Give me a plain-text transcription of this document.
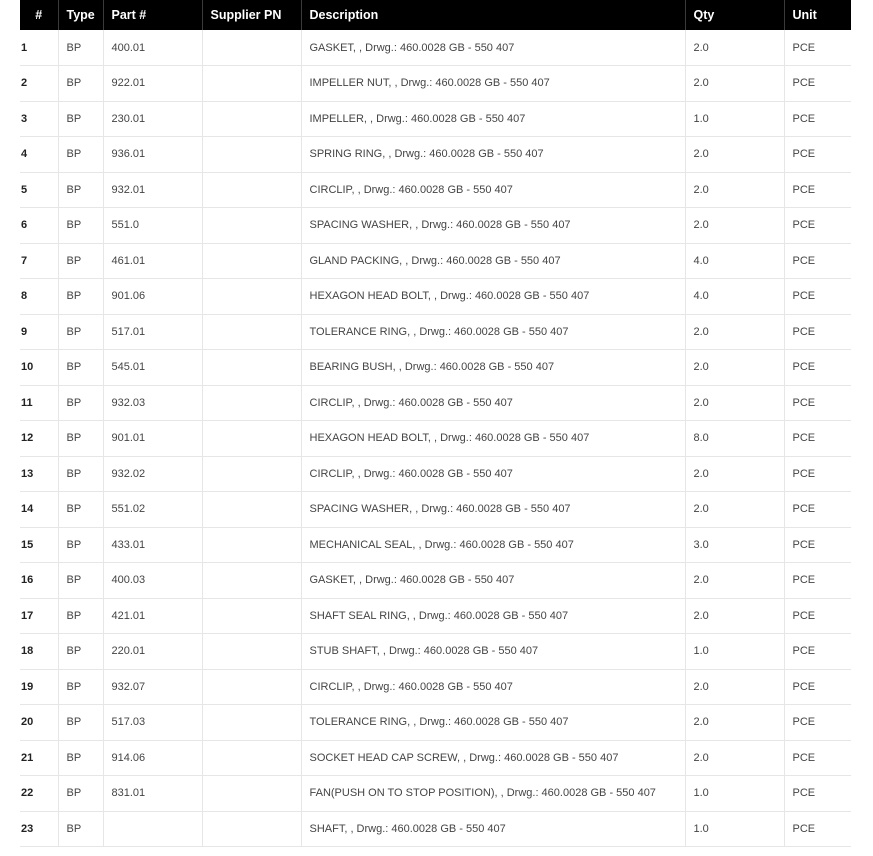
#	Type	Part #	Supplier PN	Description	Qty	Unit
1	BP	400.01		GASKET, , Drwg.: 460.0028 GB - 550 407	2.0	PCE
2	BP	922.01		IMPELLER NUT, , Drwg.: 460.0028 GB - 550 407	2.0	PCE
3	BP	230.01		IMPELLER, , Drwg.: 460.0028 GB - 550 407	1.0	PCE
4	BP	936.01		SPRING RING, , Drwg.: 460.0028 GB - 550 407	2.0	PCE
5	BP	932.01		CIRCLIP, , Drwg.: 460.0028 GB - 550 407	2.0	PCE
6	BP	551.0		SPACING WASHER, , Drwg.: 460.0028 GB - 550 407	2.0	PCE
7	BP	461.01		GLAND PACKING, , Drwg.: 460.0028 GB - 550 407	4.0	PCE
8	BP	901.06		HEXAGON HEAD BOLT, , Drwg.: 460.0028 GB - 550 407	4.0	PCE
9	BP	517.01		TOLERANCE RING, , Drwg.: 460.0028 GB - 550 407	2.0	PCE
10	BP	545.01		BEARING BUSH, , Drwg.: 460.0028 GB - 550 407	2.0	PCE
11	BP	932.03		CIRCLIP, , Drwg.: 460.0028 GB - 550 407	2.0	PCE
12	BP	901.01		HEXAGON HEAD BOLT, , Drwg.: 460.0028 GB - 550 407	8.0	PCE
13	BP	932.02		CIRCLIP, , Drwg.: 460.0028 GB - 550 407	2.0	PCE
14	BP	551.02		SPACING WASHER, , Drwg.: 460.0028 GB - 550 407	2.0	PCE
15	BP	433.01		MECHANICAL SEAL, , Drwg.: 460.0028 GB - 550 407	3.0	PCE
16	BP	400.03		GASKET, , Drwg.: 460.0028 GB - 550 407	2.0	PCE
17	BP	421.01		SHAFT SEAL RING, , Drwg.: 460.0028 GB - 550 407	2.0	PCE
18	BP	220.01		STUB SHAFT, , Drwg.: 460.0028 GB - 550 407	1.0	PCE
19	BP	932.07		CIRCLIP, , Drwg.: 460.0028 GB - 550 407	2.0	PCE
20	BP	517.03		TOLERANCE RING, , Drwg.: 460.0028 GB - 550 407	2.0	PCE
21	BP	914.06		SOCKET HEAD CAP SCREW, , Drwg.: 460.0028 GB - 550 407	2.0	PCE
22	BP	831.01		FAN(PUSH ON TO STOP POSITION), , Drwg.: 460.0028 GB - 550 407	1.0	PCE
23	BP			SHAFT, , Drwg.: 460.0028 GB - 550 407	1.0	PCE
